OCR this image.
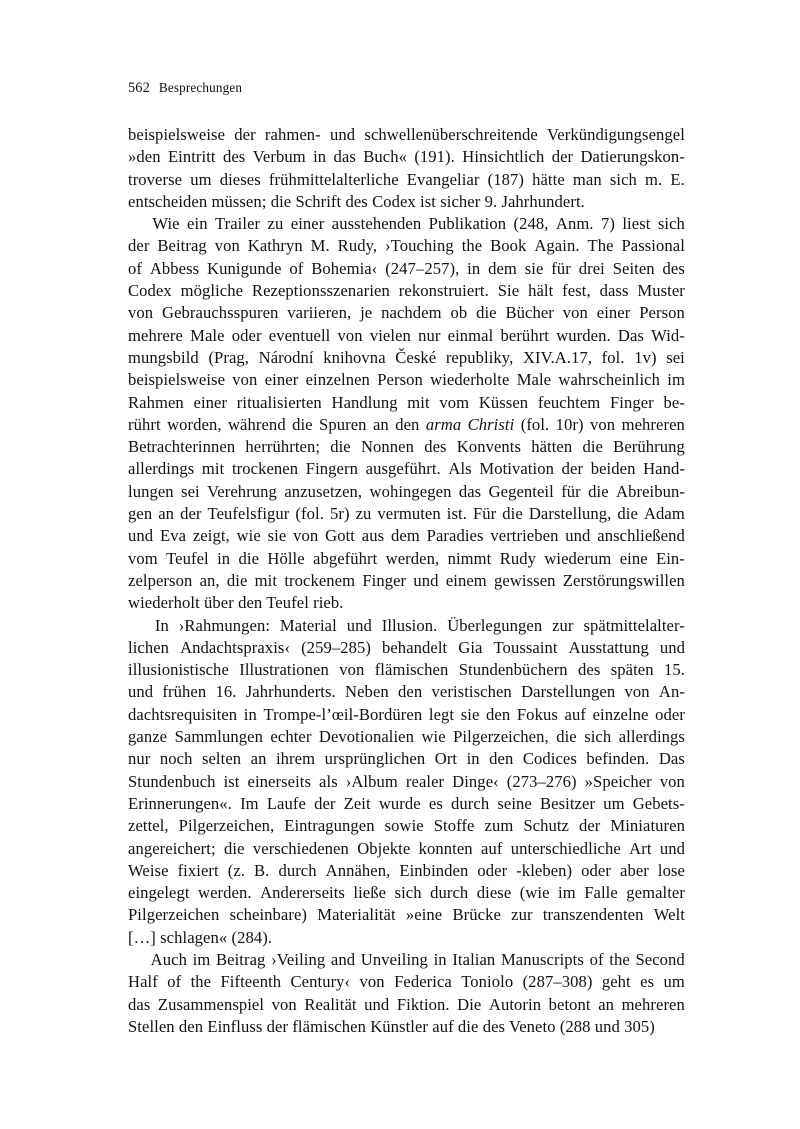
562 Besprechungen
beispielsweise der rahmen- und schwellenüberschreitende Verkündigungsengel
»den Eintritt des Verbum in das Buch« (191). Hinsichtlich der Datierungskon-
troverse um dieses frühmittelalterliche Evangeliar (187) hätte man sich m. E.
entscheiden müssen; die Schrift des Codex ist sicher 9. Jahrhundert.
Wie ein Trailer zu einer ausstehenden Publikation (248, Anm. 7) liest sich
der Beitrag von Kathryn M. Rudy, ›Touching the Book Again. The Passional
of Abbess Kunigunde of Bohemia‹ (247–257), in dem sie für drei Seiten des
Codex mögliche Rezeptionsszenarien rekonstruiert. Sie hält fest, dass Muster
von Gebrauchsspuren variieren, je nachdem ob die Bücher von einer Person
mehrere Male oder eventuell von vielen nur einmal berührt wurden. Das Wid-
mungsbild (Prag, Národní knihovna České republiky, XIV.A.17, fol. 1v) sei
beispielsweise von einer einzelnen Person wiederholte Male wahrscheinlich im
Rahmen einer ritualisierten Handlung mit vom Küssen feuchtem Finger be-
rührt worden, während die Spuren an den arma Christi (fol. 10r) von mehreren
Betrachterinnen herrührten; die Nonnen des Konvents hätten die Berührung
allerdings mit trockenen Fingern ausgeführt. Als Motivation der beiden Hand-
lungen sei Verehrung anzusetzen, wohingegen das Gegenteil für die Abreibun-
gen an der Teufelsfigur (fol. 5r) zu vermuten ist. Für die Darstellung, die Adam
und Eva zeigt, wie sie von Gott aus dem Paradies vertrieben und anschließend
vom Teufel in die Hölle abgeführt werden, nimmt Rudy wiederum eine Ein-
zelperson an, die mit trockenem Finger und einem gewissen Zerstörungswillen
wiederholt über den Teufel rieb.
In ›Rahmungen: Material und Illusion. Überlegungen zur spätmittelalter-
lichen Andachtspraxis‹ (259–285) behandelt Gia Toussaint Ausstattung und
illusionistische Illustrationen von flämischen Stundenbüchern des späten 15.
und frühen 16. Jahrhunderts. Neben den veristischen Darstellungen von An-
dachtsrequisiten in Trompe-l’œil-Bordüren legt sie den Fokus auf einzelne oder
ganze Sammlungen echter Devotionalien wie Pilgerzeichen, die sich allerdings
nur noch selten an ihrem ursprünglichen Ort in den Codices befinden. Das
Stundenbuch ist einerseits als ›Album realer Dinge‹ (273–276) »Speicher von
Erinnerungen«. Im Laufe der Zeit wurde es durch seine Besitzer um Gebets-
zettel, Pilgerzeichen, Eintragungen sowie Stoffe zum Schutz der Miniaturen
angereichert; die verschiedenen Objekte konnten auf unterschiedliche Art und
Weise fixiert (z. B. durch Annähen, Einbinden oder -kleben) oder aber lose
eingelegt werden. Andererseits ließe sich durch diese (wie im Falle gemalter
Pilgerzeichen scheinbare) Materialität »eine Brücke zur transzendenten Welt
[…] schlagen« (284).
Auch im Beitrag ›Veiling and Unveiling in Italian Manuscripts of the Second
Half of the Fifteenth Century‹ von Federica Toniolo (287–308) geht es um
das Zusammenspiel von Realität und Fiktion. Die Autorin betont an mehreren
Stellen den Einfluss der flämischen Künstler auf die des Veneto (288 und 305)
